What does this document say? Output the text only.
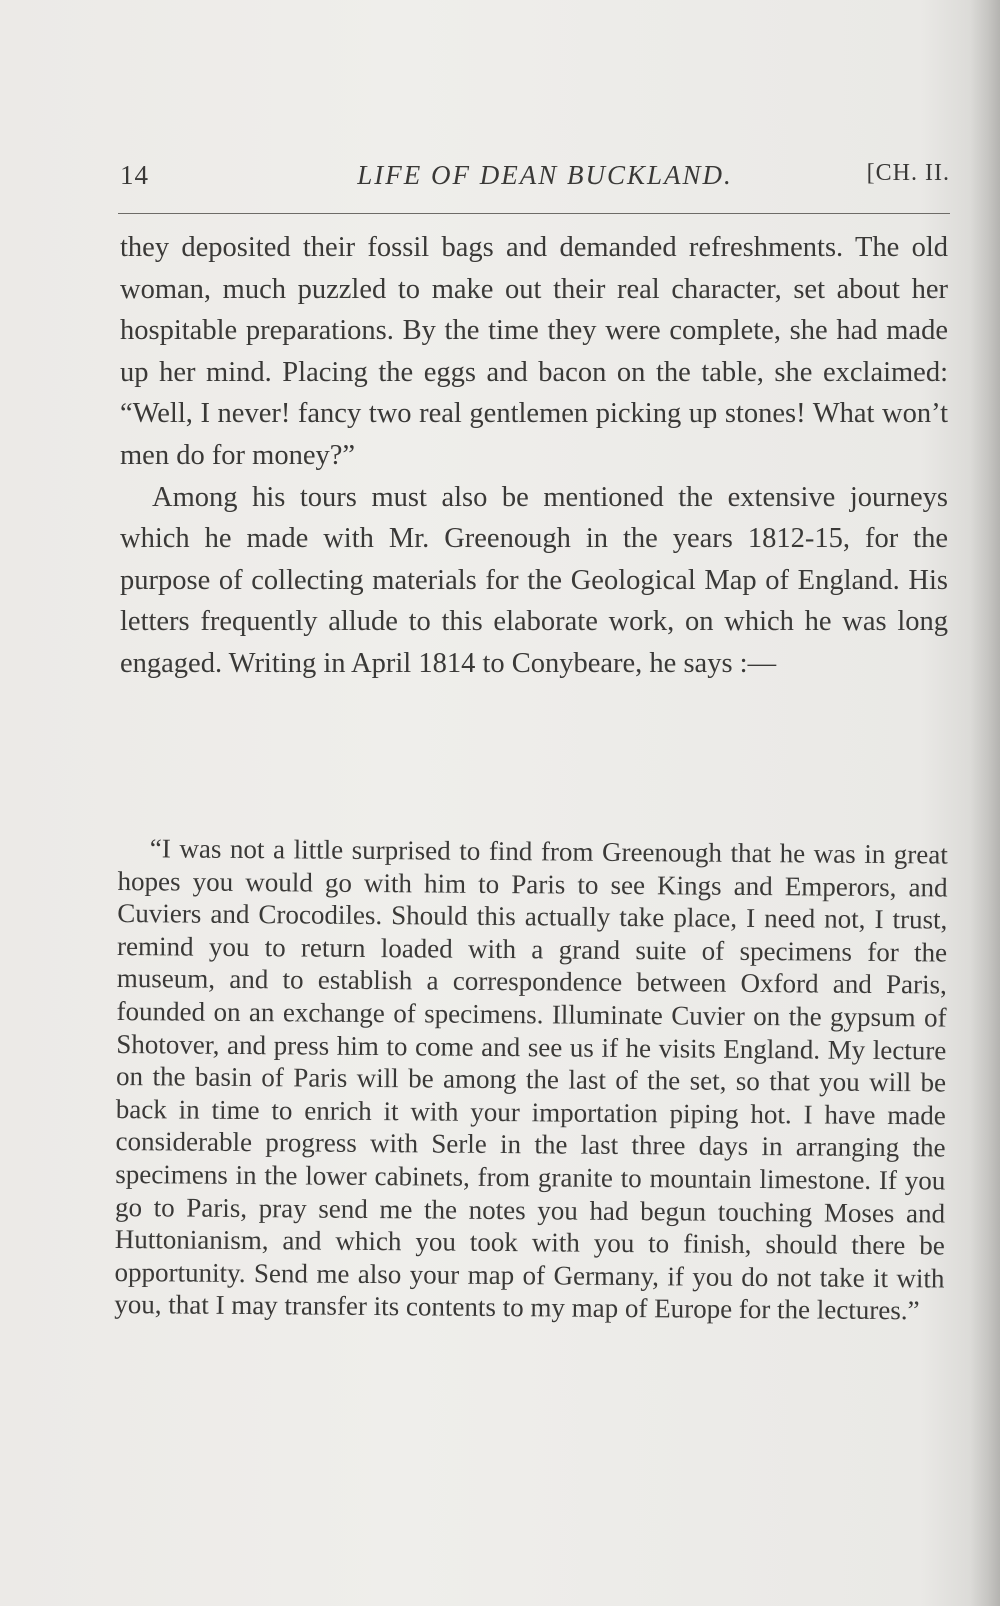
14	LIFE OF DEAN BUCKLAND.	[CH. II.

they deposited their fossil bags and demanded refreshments. The old woman, much puzzled to make out their real character, set about her hospitable preparations. By the time they were complete, she had made up her mind. Placing the eggs and bacon on the table, she exclaimed: “Well, I never! fancy two real gentlemen picking up stones! What won’t men do for money?”

Among his tours must also be mentioned the extensive journeys which he made with Mr. Greenough in the years 1812-15, for the purpose of collecting materials for the Geological Map of England. His letters frequently allude to this elaborate work, on which he was long engaged. Writing in April 1814 to Conybeare, he says :—

“I was not a little surprised to find from Greenough that he was in great hopes you would go with him to Paris to see Kings and Emperors, and Cuviers and Crocodiles. Should this actually take place, I need not, I trust, remind you to return loaded with a grand suite of specimens for the museum, and to establish a correspondence between Oxford and Paris, founded on an exchange of specimens. Illuminate Cuvier on the gypsum of Shotover, and press him to come and see us if he visits England. My lecture on the basin of Paris will be among the last of the set, so that you will be back in time to enrich it with your importation piping hot. I have made considerable progress with Serle in the last three days in arranging the specimens in the lower cabinets, from granite to mountain limestone. If you go to Paris, pray send me the notes you had begun touching Moses and Huttonianism, and which you took with you to finish, should there be opportunity. Send me also your map of Germany, if you do not take it with you, that I may transfer its contents to my map of Europe for the lectures.”
